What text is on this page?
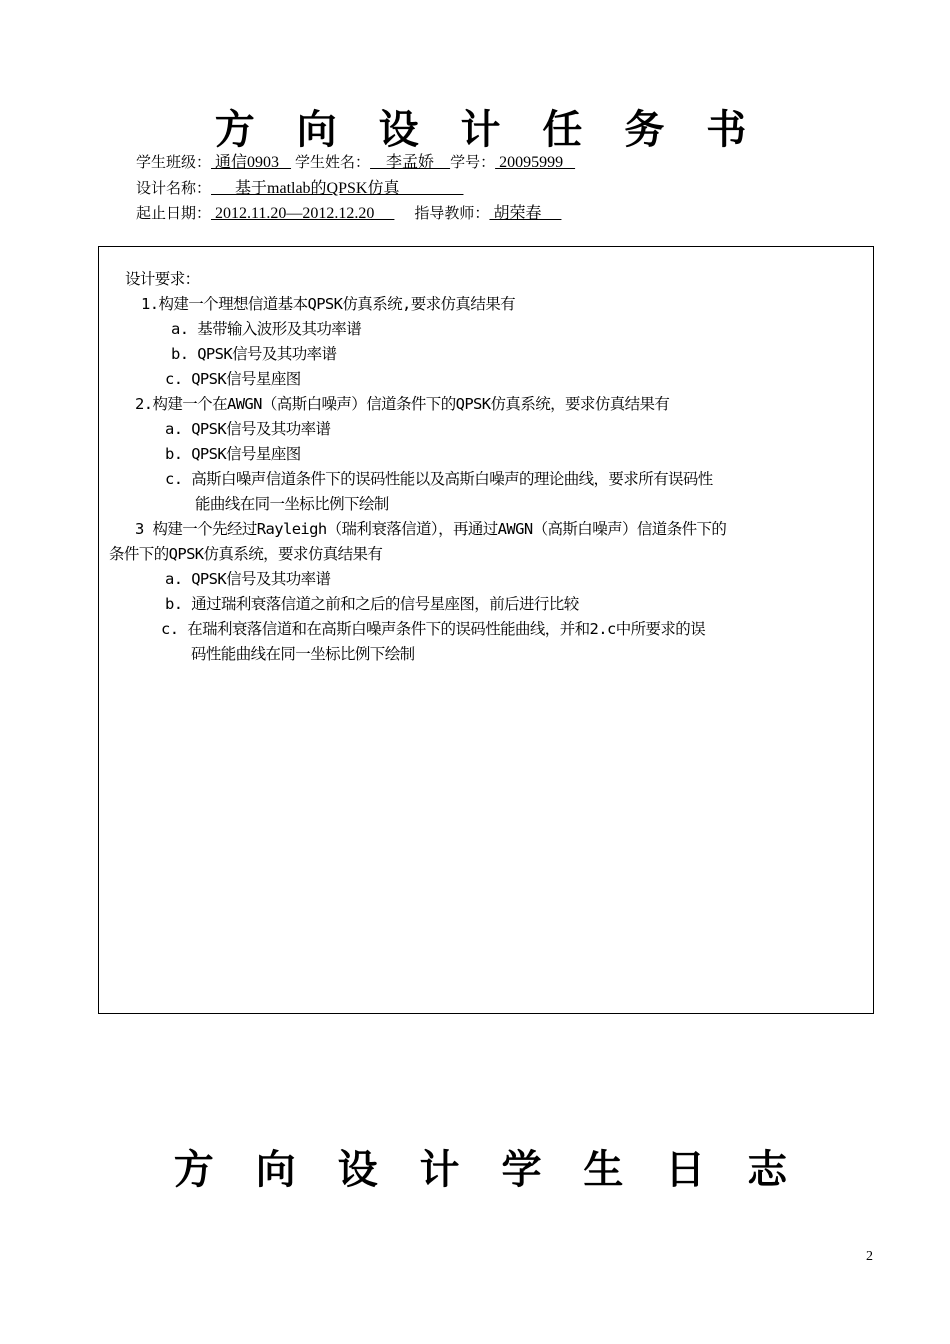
方 向 设 计 任 务 书
学生班级： 通信0903    学生姓名：    李孟娇    学号： 20095999
设计名称：      基于matlab的QPSK仿真
起止日期： 2012.11.20—2012.12.20          指导教师： 胡荣春
设计要求：
1.构建一个理想信道基本QPSK仿真系统,要求仿真结果有
a. 基带输入波形及其功率谱
b. QPSK信号及其功率谱
c. QPSK信号星座图
2.构建一个在AWGN（高斯白噪声）信道条件下的QPSK仿真系统，要求仿真结果有
a. QPSK信号及其功率谱
b. QPSK信号星座图
c. 高斯白噪声信道条件下的误码性能以及高斯白噪声的理论曲线，要求所有误码性
能曲线在同一坐标比例下绘制
3 构建一个先经过Rayleigh（瑞利衰落信道），再通过AWGN（高斯白噪声）信道条件下的
条件下的QPSK仿真系统，要求仿真结果有
a. QPSK信号及其功率谱
b. 通过瑞利衰落信道之前和之后的信号星座图，前后进行比较
c. 在瑞利衰落信道和在高斯白噪声条件下的误码性能曲线，并和2.c中所要求的误
码性能曲线在同一坐标比例下绘制
方 向 设 计 学 生 日 志
2
